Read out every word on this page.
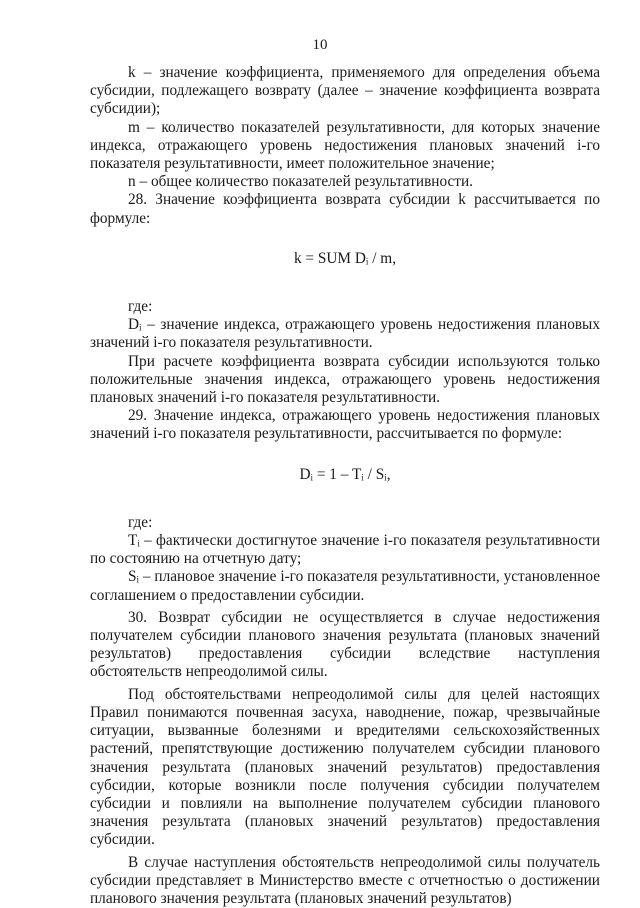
10

k – значение коэффициента, применяемого для определения объема субсидии, подлежащего возврату (далее – значение коэффициента возврата субсидии);

m – количество показателей результативности, для которых значение индекса, отражающего уровень недостижения плановых значений i-го показателя результативности, имеет положительное значение;

n – общее количество показателей результативности.

28. Значение коэффициента возврата субсидии k рассчитывается по формуле:

k = SUM Dᵢ / m,

где:

Dᵢ – значение индекса, отражающего уровень недостижения плановых значений i-го показателя результативности.

При расчете коэффициента возврата субсидии используются только положительные значения индекса, отражающего уровень недостижения плановых значений i-го показателя результативности.

29. Значение индекса, отражающего уровень недостижения плановых значений i-го показателя результативности, рассчитывается по формуле:

Dᵢ = 1 – Tᵢ / Sᵢ,

где:

Tᵢ – фактически достигнутое значение i-го показателя результативности по состоянию на отчетную дату;

Sᵢ – плановое значение i-го показателя результативности, установленное соглашением о предоставлении субсидии.

30. Возврат субсидии не осуществляется в случае недостижения получателем субсидии планового значения результата (плановых значений результатов) предоставления субсидии вследствие наступления обстоятельств непреодолимой силы.

Под обстоятельствами непреодолимой силы для целей настоящих Правил понимаются почвенная засуха, наводнение, пожар, чрезвычайные ситуации, вызванные болезнями и вредителями сельскохозяйственных растений, препятствующие достижению получателем субсидии планового значения результата (плановых значений результатов) предоставления субсидии, которые возникли после получения субсидии получателем субсидии и повлияли на выполнение получателем субсидии планового значения результата (плановых значений результатов) предоставления субсидии.

В случае наступления обстоятельств непреодолимой силы получатель субсидии представляет в Министерство вместе с отчетностью о достижении планового значения результата (плановых значений результатов)
